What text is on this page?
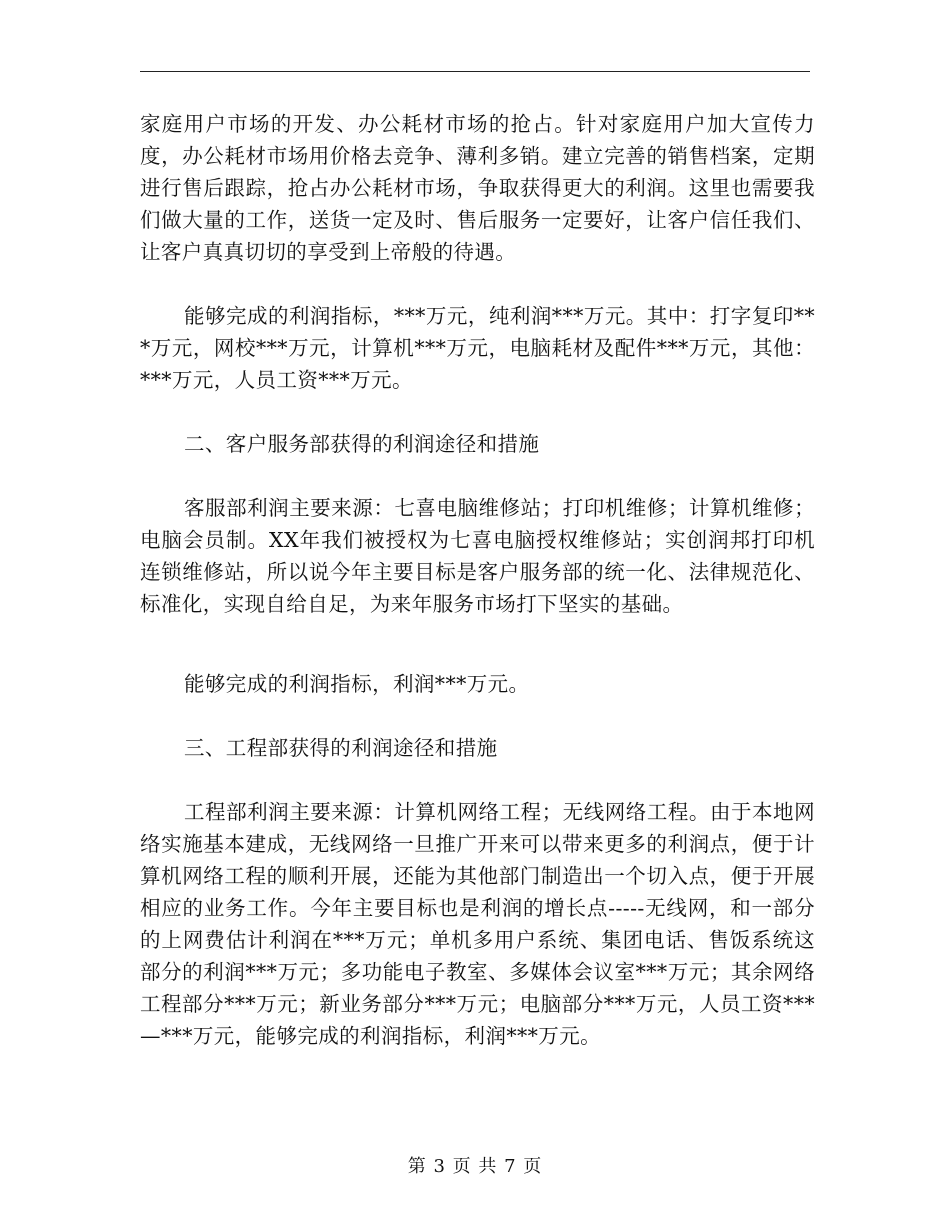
家庭用户市场的开发、办公耗材市场的抢占。针对家庭用户加大宣传力度，办公耗材市场用价格去竞争、薄利多销。建立完善的销售档案，定期进行售后跟踪，抢占办公耗材市场，争取获得更大的利润。这里也需要我们做大量的工作，送货一定及时、售后服务一定要好，让客户信任我们、让客户真真切切的享受到上帝般的待遇。

能够完成的利润指标，***万元，纯利润***万元。其中：打字复印***万元，网校***万元，计算机***万元，电脑耗材及配件***万元，其他：***万元，人员工资***万元。

二、客户服务部获得的利润途径和措施

客服部利润主要来源：七喜电脑维修站；打印机维修；计算机维修；电脑会员制。XX年我们被授权为七喜电脑授权维修站；实创润邦打印机连锁维修站，所以说今年主要目标是客户服务部的统一化、法律规范化、标准化，实现自给自足，为来年服务市场打下坚实的基础。

能够完成的利润指标，利润***万元。

三、工程部获得的利润途径和措施

工程部利润主要来源：计算机网络工程；无线网络工程。由于本地网络实施基本建成，无线网络一旦推广开来可以带来更多的利润点，便于计算机网络工程的顺利开展，还能为其他部门制造出一个切入点，便于开展相应的业务工作。今年主要目标也是利润的增长点-----无线网，和一部分的上网费估计利润在***万元；单机多用户系统、集团电话、售饭系统这部分的利润***万元；多功能电子教室、多媒体会议室***万元；其余网络工程部分***万元；新业务部分***万元；电脑部分***万元，人员工资***—***万元，能够完成的利润指标，利润***万元。

第 3 页 共 7 页
